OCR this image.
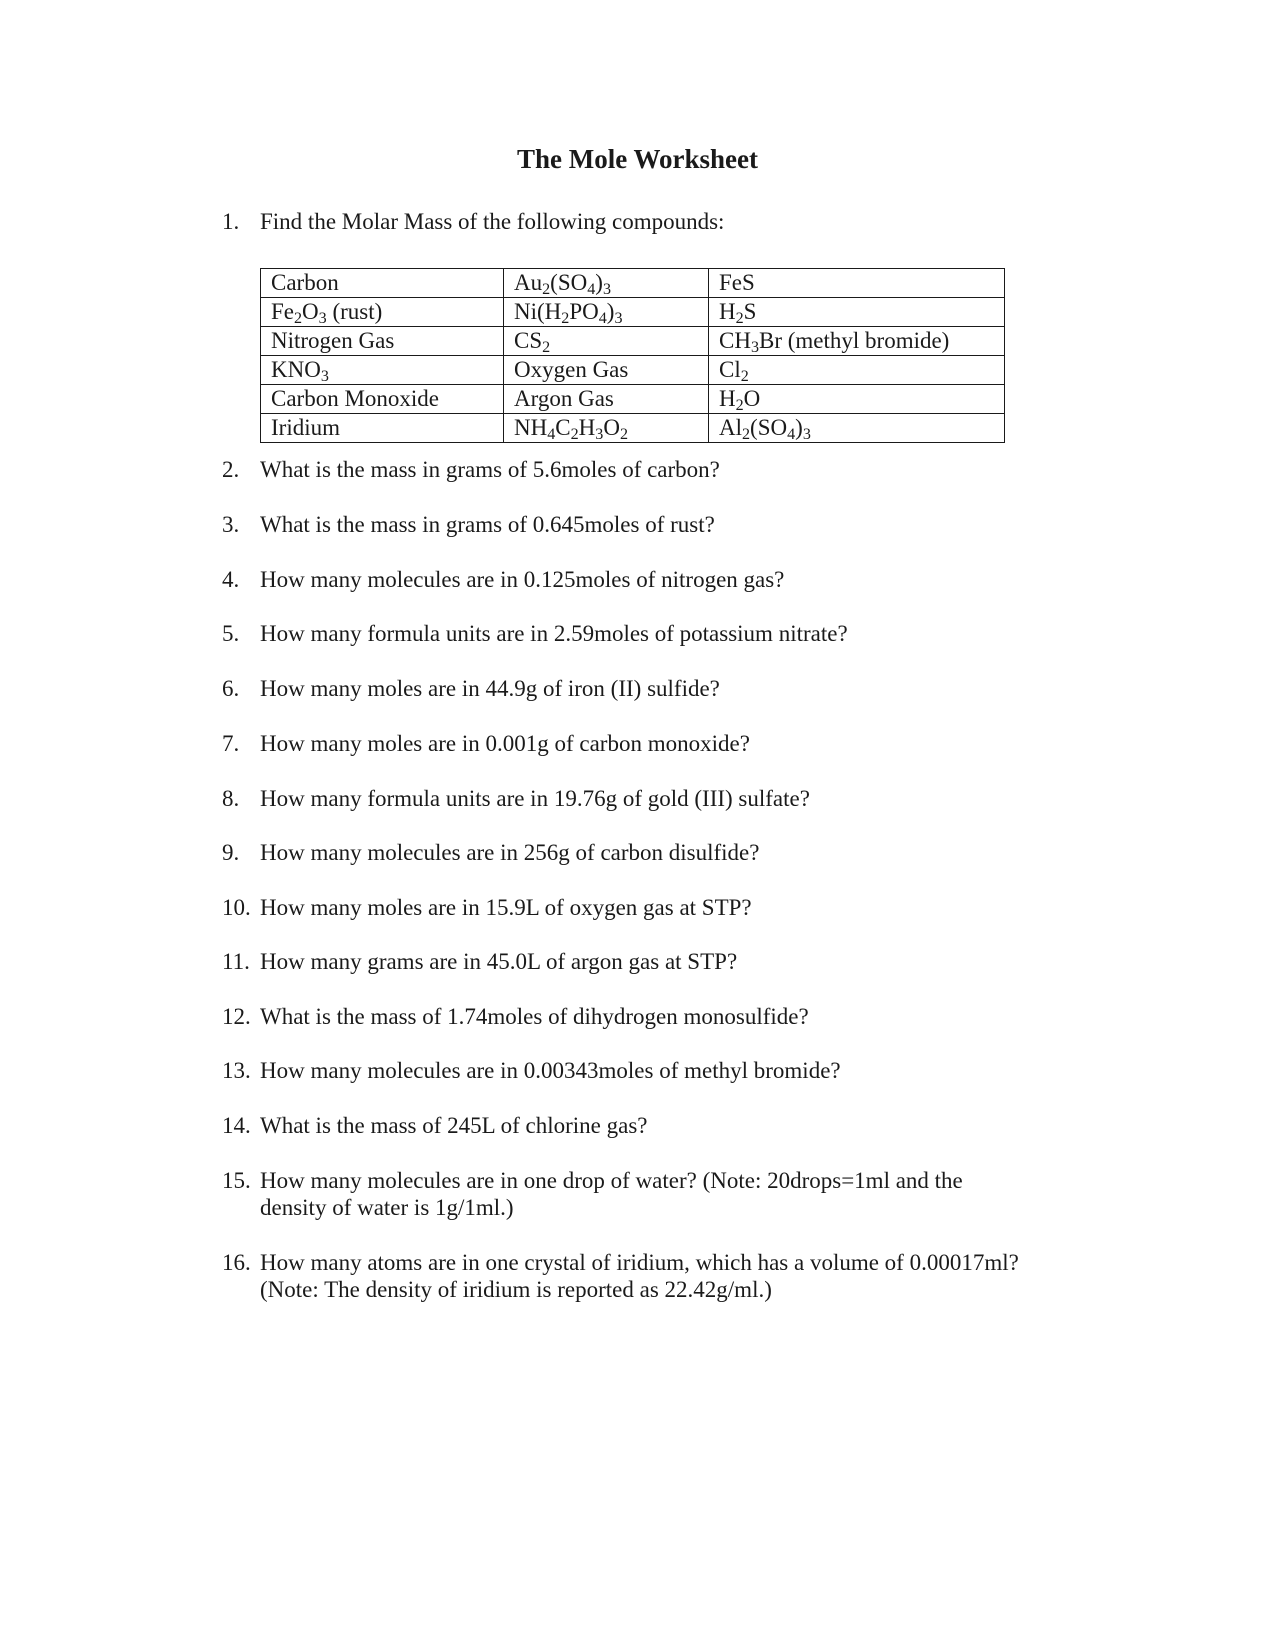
The Mole Worksheet
1. Find the Molar Mass of the following compounds:
Carbon	$Au_2(SO_4)_3$	FeS
$Fe_2O_3$ (rust)	$Ni(H_2PO_4)_3$	$H_2S$
Nitrogen Gas	$CS_2$	$CH_3Br$ (methyl bromide)
$KNO_3$	Oxygen Gas	$Cl_2$
Carbon Monoxide	Argon Gas	$H_2O$
Iridium	$NH_4C_2H_3O_2$	$Al_2(SO_4)_3$
2. What is the mass in grams of 5.6moles of carbon?
3. What is the mass in grams of 0.645moles of rust?
4. How many molecules are in 0.125moles of nitrogen gas?
5. How many formula units are in 2.59moles of potassium nitrate?
6. How many moles are in 44.9g of iron (II) sulfide?
7. How many moles are in 0.001g of carbon monoxide?
8. How many formula units are in 19.76g of gold (III) sulfate?
9. How many molecules are in 256g of carbon disulfide?
10. How many moles are in 15.9L of oxygen gas at STP?
11. How many grams are in 45.0L of argon gas at STP?
12. What is the mass of 1.74moles of dihydrogen monosulfide?
13. How many molecules are in 0.00343moles of methyl bromide?
14. What is the mass of 245L of chlorine gas?
15. How many molecules are in one drop of water? (Note: 20drops=1ml and the
density of water is 1g/1ml.)
16. How many atoms are in one crystal of iridium, which has a volume of 0.00017ml?
(Note: The density of iridium is reported as 22.42g/ml.)
